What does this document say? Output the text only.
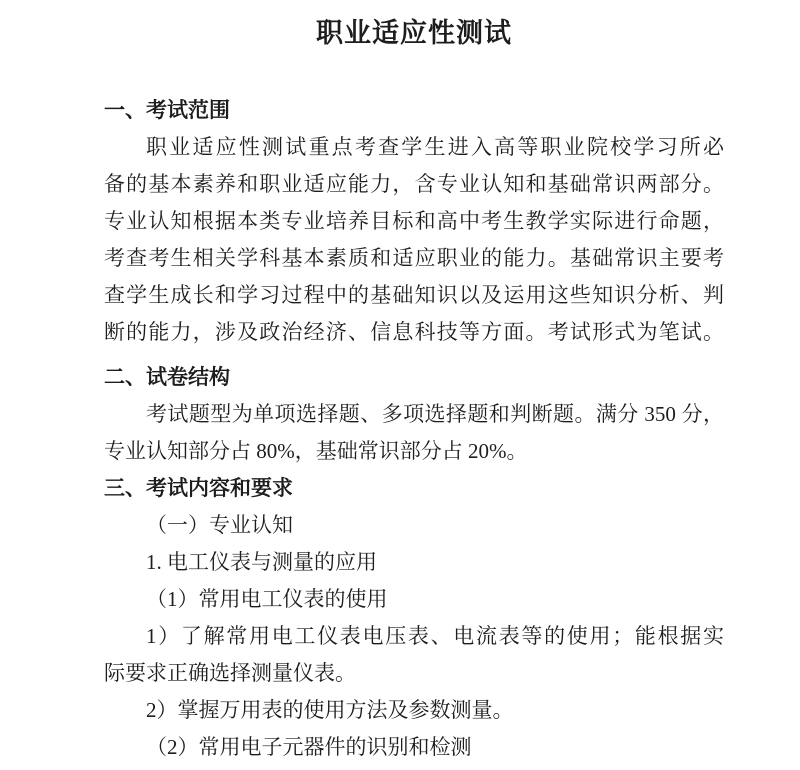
职业适应性测试
一、考试范围
职业适应性测试重点考查学生进入高等职业院校学习所必
备的基本素养和职业适应能力，含专业认知和基础常识两部分。
专业认知根据本类专业培养目标和高中考生教学实际进行命题，
考查考生相关学科基本素质和适应职业的能力。基础常识主要考
查学生成长和学习过程中的基础知识以及运用这些知识分析、判
断的能力，涉及政治经济、信息科技等方面。考试形式为笔试。
二、试卷结构
考试题型为单项选择题、多项选择题和判断题。满分 350 分，
专业认知部分占 80%，基础常识部分占 20%。
三、考试内容和要求
（一）专业认知
1. 电工仪表与测量的应用
（1）常用电工仪表的使用
1）了解常用电工仪表电压表、电流表等的使用；能根据实
际要求正确选择测量仪表。
2）掌握万用表的使用方法及参数测量。
（2）常用电子元器件的识别和检测
